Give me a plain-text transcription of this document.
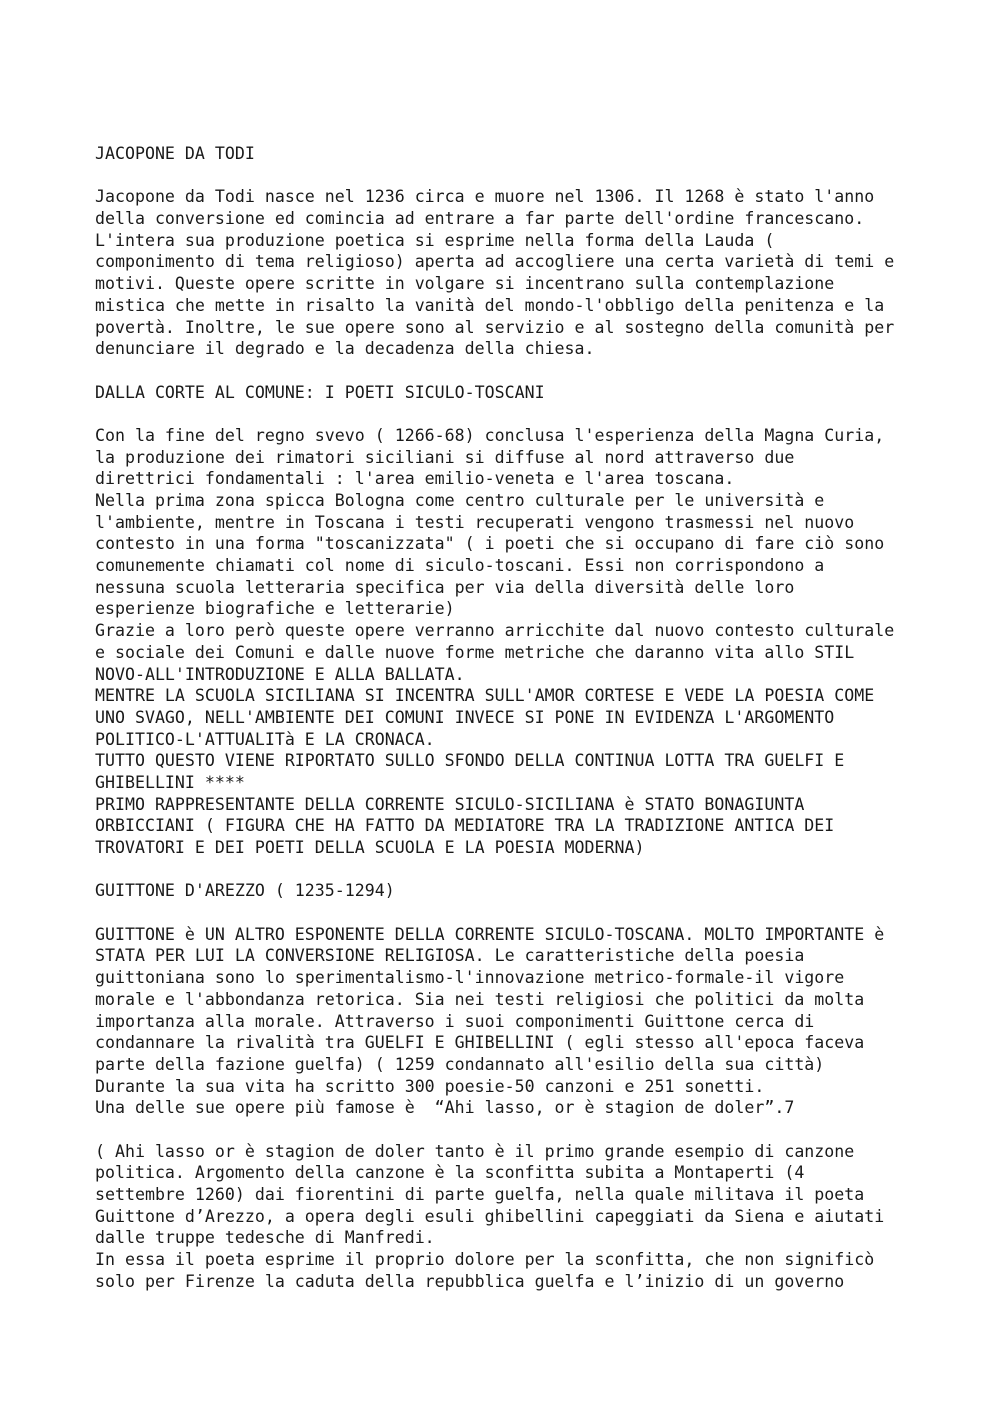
JACOPONE DA TODI
Jacopone da Todi nasce nel 1236 circa e muore nel 1306. Il 1268 è stato l'anno
della conversione ed comincia ad entrare a far parte dell'ordine francescano.
L'intera sua produzione poetica si esprime nella forma della Lauda (
componimento di tema religioso) aperta ad accogliere una certa varietà di temi e
motivi. Queste opere scritte in volgare si incentrano sulla contemplazione
mistica che mette in risalto la vanità del mondo-l'obbligo della penitenza e la
povertà. Inoltre, le sue opere sono al servizio e al sostegno della comunità per
denunciare il degrado e la decadenza della chiesa.
DALLA CORTE AL COMUNE: I POETI SICULO-TOSCANI
Con la fine del regno svevo ( 1266-68) conclusa l'esperienza della Magna Curia,
la produzione dei rimatori siciliani si diffuse al nord attraverso due
direttrici fondamentali : l'area emilio-veneta e l'area toscana.
Nella prima zona spicca Bologna come centro culturale per le università e
l'ambiente, mentre in Toscana i testi recuperati vengono trasmessi nel nuovo
contesto in una forma "toscanizzata" ( i poeti che si occupano di fare ciò sono
comunemente chiamati col nome di siculo-toscani. Essi non corrispondono a
nessuna scuola letteraria specifica per via della diversità delle loro
esperienze biografiche e letterarie)
Grazie a loro però queste opere verranno arricchite dal nuovo contesto culturale
e sociale dei Comuni e dalle nuove forme metriche che daranno vita allo STIL
NOVO-ALL'INTRODUZIONE E ALLA BALLATA.
MENTRE LA SCUOLA SICILIANA SI INCENTRA SULL'AMOR CORTESE E VEDE LA POESIA COME
UNO SVAGO, NELL'AMBIENTE DEI COMUNI INVECE SI PONE IN EVIDENZA L'ARGOMENTO
POLITICO-L'ATTUALITà E LA CRONACA.
TUTTO QUESTO VIENE RIPORTATO SULLO SFONDO DELLA CONTINUA LOTTA TRA GUELFI E
GHIBELLINI ****
PRIMO RAPPRESENTANTE DELLA CORRENTE SICULO-SICILIANA è STATO BONAGIUNTA
ORBICCIANI ( FIGURA CHE HA FATTO DA MEDIATORE TRA LA TRADIZIONE ANTICA DEI
TROVATORI E DEI POETI DELLA SCUOLA E LA POESIA MODERNA)
GUITTONE D'AREZZO ( 1235-1294)
GUITTONE è UN ALTRO ESPONENTE DELLA CORRENTE SICULO-TOSCANA. MOLTO IMPORTANTE è
STATA PER LUI LA CONVERSIONE RELIGIOSA. Le caratteristiche della poesia
guittoniana sono lo sperimentalismo-l'innovazione metrico-formale-il vigore
morale e l'abbondanza retorica. Sia nei testi religiosi che politici da molta
importanza alla morale. Attraverso i suoi componimenti Guittone cerca di
condannare la rivalità tra GUELFI E GHIBELLINI ( egli stesso all'epoca faceva
parte della fazione guelfa) ( 1259 condannato all'esilio della sua città)
Durante la sua vita ha scritto 300 poesie-50 canzoni e 251 sonetti.
Una delle sue opere più famose è  “Ahi lasso, or è stagion de doler”.7
( Ahi lasso or è stagion de doler tanto è il primo grande esempio di canzone
politica. Argomento della canzone è la sconfitta subita a Montaperti (4
settembre 1260) dai fiorentini di parte guelfa, nella quale militava il poeta
Guittone d’Arezzo, a opera degli esuli ghibellini capeggiati da Siena e aiutati
dalle truppe tedesche di Manfredi.
In essa il poeta esprime il proprio dolore per la sconfitta, che non significò
solo per Firenze la caduta della repubblica guelfa e l’inizio di un governo
